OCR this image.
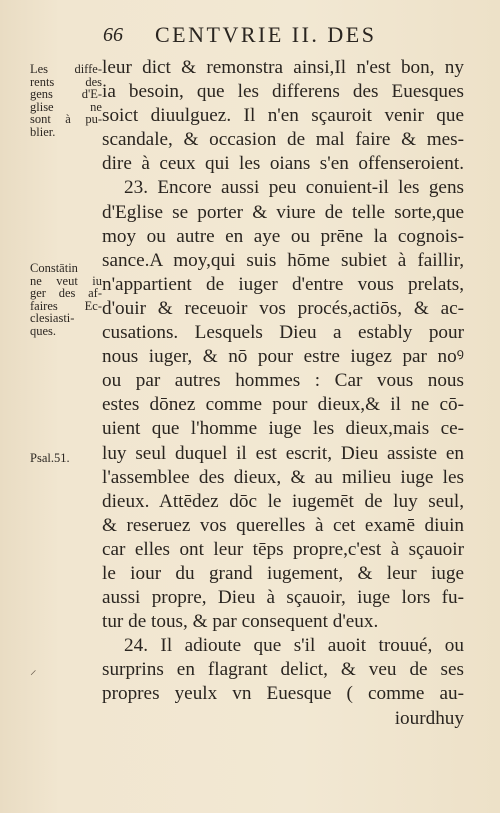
66 CENTVRIE II. DES
Les diffe-
rents des
gens d'E-
glise ne
sont à pu-
blier.
Constātin
ne veut iu
ger des af-
faires Ec-
clesiasti-
ques.
Psal.51.
⸝
leur dict & remonstra ainsi,Il n'est bon, ny
ia besoin, que les differens des Euesques
soict diuulguez. Il n'en sçauroit venir que
scandale, & occasion de mal faire & mes-
dire à ceux qui les oians s'en offenseroient.
23. Encore aussi peu conuient-il les gens
d'Eglise se porter & viure de telle sorte,que
moy ou autre en aye ou prēne la cognois-
sance.A moy,qui suis hōme subiet à faillir,
n'appartient de iuger d'entre vous prelats,
d'ouir & receuoir vos procés,actiōs, & ac-
cusations. Lesquels Dieu a estably pour
nous iuger, & nō pour estre iugez par noꝰ
ou par autres hommes : Car vous nous
estes dōnez comme pour dieux,& il ne cō-
uient que l'homme iuge les dieux,mais ce-
luy seul duquel il est escrit, Dieu assiste en
l'assemblee des dieux, & au milieu iuge les
dieux. Attēdez dōc le iugemēt de luy seul,
& reseruez vos querelles à cet examē diuin
car elles ont leur tēps propre,c'est à sçauoir
le iour du grand iugement, & leur iuge
aussi propre, Dieu à sçauoir, iuge lors fu-
tur de tous, & par consequent d'eux.
24. Il adioute que s'il auoit trouué, ou
surprins en flagrant delict, & veu de ses
propres yeulx vn Euesque ( comme au-
iourdhuy
